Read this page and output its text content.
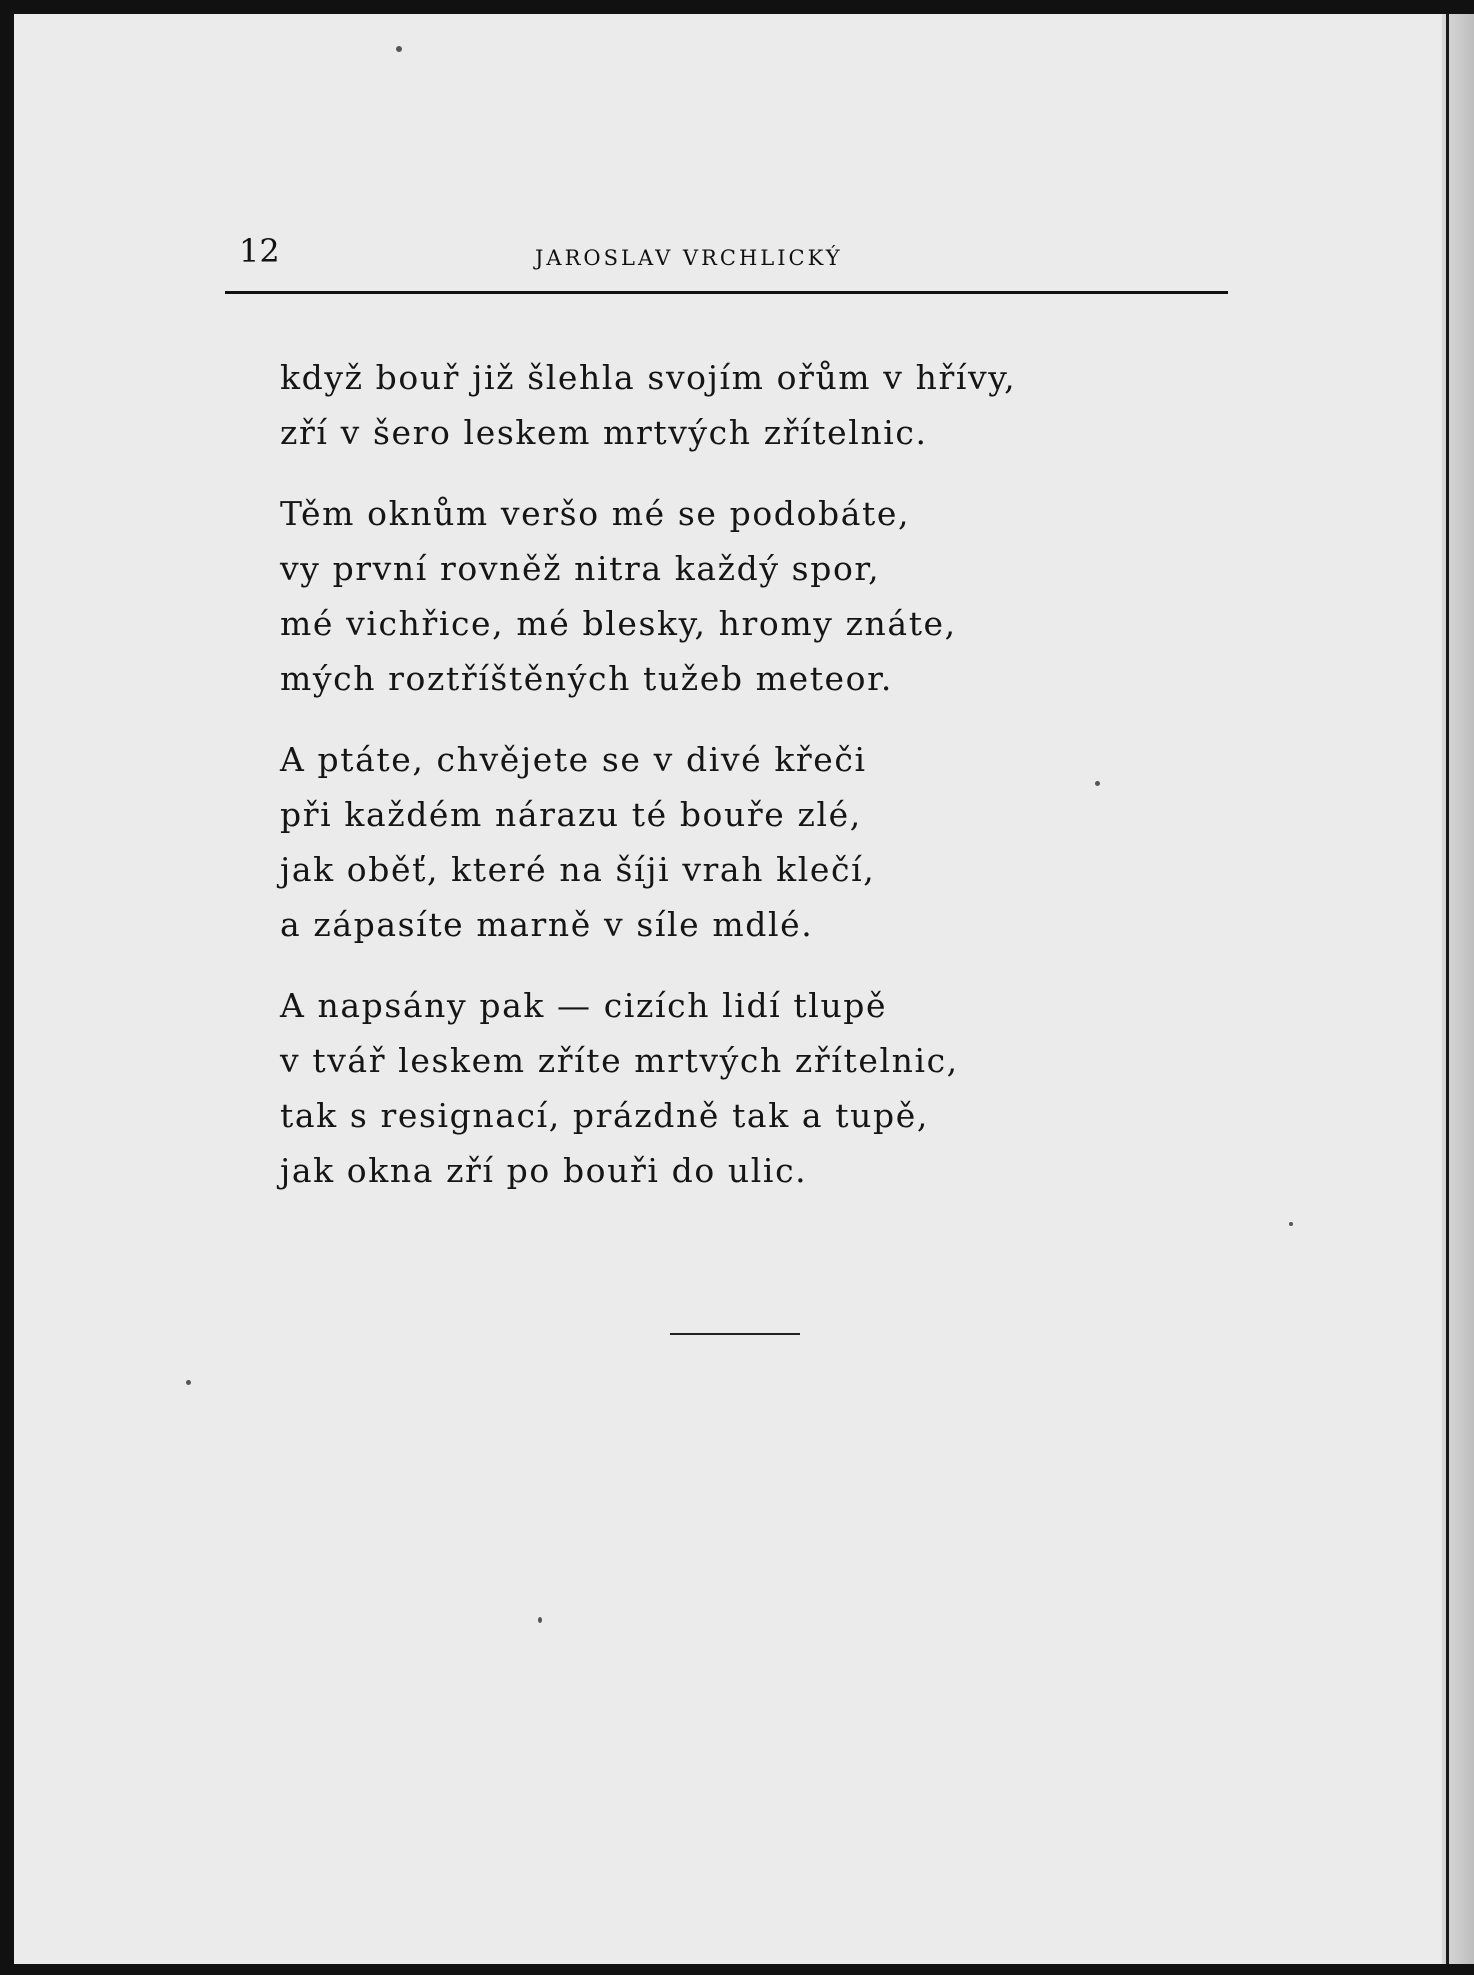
12	JAROSLAV VRCHLICKÝ
když bouř již šlehla svojím ořům v hřívy,
zří v šero leskem mrtvých zřítelnic.
Těm oknům veršo mé se podobáte,
vy první rovněž nitra každý spor,
mé vichřice, mé blesky, hromy znáte,
mých roztříštěných tužeb meteor.
A ptáte, chvějete se v divé křeči
při každém nárazu té bouře zlé,
jak oběť, které na šíji vrah klečí,
a zápasíte marně v síle mdlé.
A napsány pak — cizích lidí tlupě
v tvář leskem zříte mrtvých zřítelnic,
tak s resignací, prázdně tak a tupě,
jak okna zří po bouři do ulic.
